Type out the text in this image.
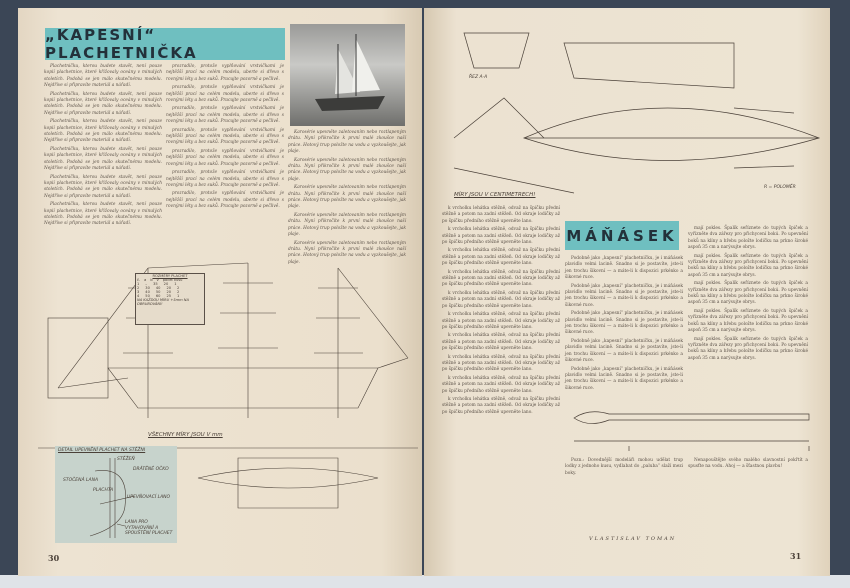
„KAPESNÍ“ PLACHETNIČKA

Plachetničku, kterou budete stavět, není pouze kopií plachetnice, které křižovaly oceány v minulých stoletích. Podobá se jen málo skutečnému modelu. Nejdříve si připravíte materiál a nářadí.

Plachetničku, kterou budete stavět, není pouze kopií plachetnice, které křižovaly oceány v minulých stoletích. Podobá se jen málo skutečnému modelu. Nejdříve si připravíte materiál a nářadí.

Plachetničku, kterou budete stavět, není pouze kopií plachetnice, které křižovaly oceány v minulých stoletích. Podobá se jen málo skutečnému modelu. Nejdříve si připravíte materiál a nářadí.

Plachetničku, kterou budete stavět, není pouze kopií plachetnice, které křižovaly oceány v minulých stoletích. Podobá se jen málo skutečnému modelu. Nejdříve si připravíte materiál a nářadí.

Plachetničku, kterou budete stavět, není pouze kopií plachetnice, které křižovaly oceány v minulých stoletích. Podobá se jen málo skutečnému modelu. Nejdříve si připravíte materiál a nářadí.

Plachetničku, kterou budete stavět, není pouze kopií plachetnice, které křižovaly oceány v minulých stoletích. Podobá se jen málo skutečnému modelu. Nejdříve si připravíte materiál a nářadí.

prozradilo, protože vyplňování vrstvičkami je nejtěžší prací na celém modelu, uberte si dřevo s rovnými léty a bez suků. Pracujte pozorně a pečlivě.

prozradilo, protože vyplňování vrstvičkami je nejtěžší prací na celém modelu, uberte si dřevo s rovnými léty a bez suků. Pracujte pozorně a pečlivě.

prozradilo, protože vyplňování vrstvičkami je nejtěžší prací na celém modelu, uberte si dřevo s rovnými léty a bez suků. Pracujte pozorně a pečlivě.

prozradilo, protože vyplňování vrstvičkami je nejtěžší prací na celém modelu, uberte si dřevo s rovnými léty a bez suků. Pracujte pozorně a pečlivě.

prozradilo, protože vyplňování vrstvičkami je nejtěžší prací na celém modelu, uberte si dřevo s rovnými léty a bez suků. Pracujte pozorně a pečlivě.

prozradilo, protože vyplňování vrstvičkami je nejtěžší prací na celém modelu, uberte si dřevo s rovnými léty a bez suků. Pracujte pozorně a pečlivě.

prozradilo, protože vyplňování vrstvičkami je nejtěžší prací na celém modelu, uberte si dřevo s rovnými léty a bez suků. Pracujte pozorně a pečlivě.

Karosérie upevněte zaletovaním nebo roztlapeným drátu. Nyní přikročíte k první malé zkoušce naší práce. Hotový trup položte na vodu a vyzkoušejte, jak plaje.

Karosérie upevněte zaletovaním nebo roztlapeným drátu. Nyní přikročíte k první malé zkoušce naší práce. Hotový trup položte na vodu a vyzkoušejte, jak plaje.

Karosérie upevněte zaletovaním nebo roztlapeným drátu. Nyní přikročíte k první malé zkoušce naší práce. Hotový trup položte na vodu a vyzkoušejte, jak plaje.

Karosérie upevněte zaletovaním nebo roztlapeným drátu. Nyní přikročíte k první malé zkoušce naší práce. Hotový trup položte na vodu a vyzkoušejte, jak plaje.

Karosérie upevněte zaletovaním nebo roztlapeným drátu. Nyní přikročíte k první malé zkoušce naší práce. Hotový trup položte na vodu a vyzkoušejte, jak plaje.

ROZMĚRY PLACHET
č. a b v počet kusů
1 – 35 20 1
2 30 40 20 2
3 40 50 20 2
4 50 60 25 1
NA KAŽDOU MÍRU +5mm NA OBRUBOVÁNÍ!
VŠECHNY MÍRY JSOU V mm
DETAIL UPEVNĚNÍ PLACHET NA STĚŽNI
STĚŽEŇ
DRÁTĚNÉ OČKO
PLACHTA
UPEVŇOVACÍ LANO
STOČENÁ LANA
LANA PRO VYTAHOVÁNÍ A SPOUŠTĚNÍ PLACHET
30
ŘEZ A-A
R = POLOMĚR
MÍRY JSOU V CENTIMETRECH!
MÁŇÁSEK

k vrcholku lehátka stěžně, odvaž na špičku přední stěžně a potom na zadní stěžeň. Od okraje lodičky až po špičku předního stěžně upevněte lano.

k vrcholku lehátka stěžně, odvaž na špičku přední stěžně a potom na zadní stěžeň. Od okraje lodičky až po špičku předního stěžně upevněte lano.

k vrcholku lehátka stěžně, odvaž na špičku přední stěžně a potom na zadní stěžeň. Od okraje lodičky až po špičku předního stěžně upevněte lano.

k vrcholku lehátka stěžně, odvaž na špičku přední stěžně a potom na zadní stěžeň. Od okraje lodičky až po špičku předního stěžně upevněte lano.

k vrcholku lehátka stěžně, odvaž na špičku přední stěžně a potom na zadní stěžeň. Od okraje lodičky až po špičku předního stěžně upevněte lano.

k vrcholku lehátka stěžně, odvaž na špičku přední stěžně a potom na zadní stěžeň. Od okraje lodičky až po špičku předního stěžně upevněte lano.

k vrcholku lehátka stěžně, odvaž na špičku přední stěžně a potom na zadní stěžeň. Od okraje lodičky až po špičku předního stěžně upevněte lano.

k vrcholku lehátka stěžně, odvaž na špičku přední stěžně a potom na zadní stěžeň. Od okraje lodičky až po špičku předního stěžně upevněte lano.

k vrcholku lehátka stěžně, odvaž na špičku přední stěžně a potom na zadní stěžeň. Od okraje lodičky až po špičku předního stěžně upevněte lano.

k vrcholku lehátka stěžně, odvaž na špičku přední stěžně a potom na zadní stěžeň. Od okraje lodičky až po špičku předního stěžně upevněte lano.

Podobně jako „kapesní“ plachetničku, je i máňásek plavidlo velmi lacině. Snadno si je postavíte, jste-li jen trochu šikovní — a máte-li k dispozici prkénko a šikovné ruce.

Podobně jako „kapesní“ plachetničku, je i máňásek plavidlo velmi lacině. Snadno si je postavíte, jste-li jen trochu šikovní — a máte-li k dispozici prkénko a šikovné ruce.

Podobně jako „kapesní“ plachetničku, je i máňásek plavidlo velmi lacině. Snadno si je postavíte, jste-li jen trochu šikovní — a máte-li k dispozici prkénko a šikovné ruce.

Podobně jako „kapesní“ plachetničku, je i máňásek plavidlo velmi lacině. Snadno si je postavíte, jste-li jen trochu šikovní — a máte-li k dispozici prkénko a šikovné ruce.

Podobně jako „kapesní“ plachetničku, je i máňásek plavidlo velmi lacině. Snadno si je postavíte, jste-li jen trochu šikovní — a máte-li k dispozici prkénko a šikovné ruce.

mají pokles. Špalík seříznete do tupých špiček a vyřízněte dva zářezy pro přichycení bokú. Po upevnění boků na klíny a hřebu položte lodičku na prkno široké aspoň 35 cm a narýsujte obrys.

mají pokles. Špalík seříznete do tupých špiček a vyřízněte dva zářezy pro přichycení bokú. Po upevnění boků na klíny a hřebu položte lodičku na prkno široké aspoň 35 cm a narýsujte obrys.

mají pokles. Špalík seříznete do tupých špiček a vyřízněte dva zářezy pro přichycení bokú. Po upevnění boků na klíny a hřebu položte lodičku na prkno široké aspoň 35 cm a narýsujte obrys.

mají pokles. Špalík seříznete do tupých špiček a vyřízněte dva zářezy pro přichycení bokú. Po upevnění boků na klíny a hřebu položte lodičku na prkno široké aspoň 35 cm a narýsujte obrys.

mají pokles. Špalík seříznete do tupých špiček a vyřízněte dva zářezy pro přichycení bokú. Po upevnění boků na klíny a hřebu položte lodičku na prkno široké aspoň 35 cm a narýsujte obrys.

Pozn.: Dovednější modeláři mohou udělat trup lodky z jednoho kusu, vydlabat do „paluba“ slaží mezi boky.

VLASTISLAV TOMAN

Nenapouštějte svého malého slavnostní pokřtít a spusťte na vodu. Ahoj — a šťastnou plavbu!

31
